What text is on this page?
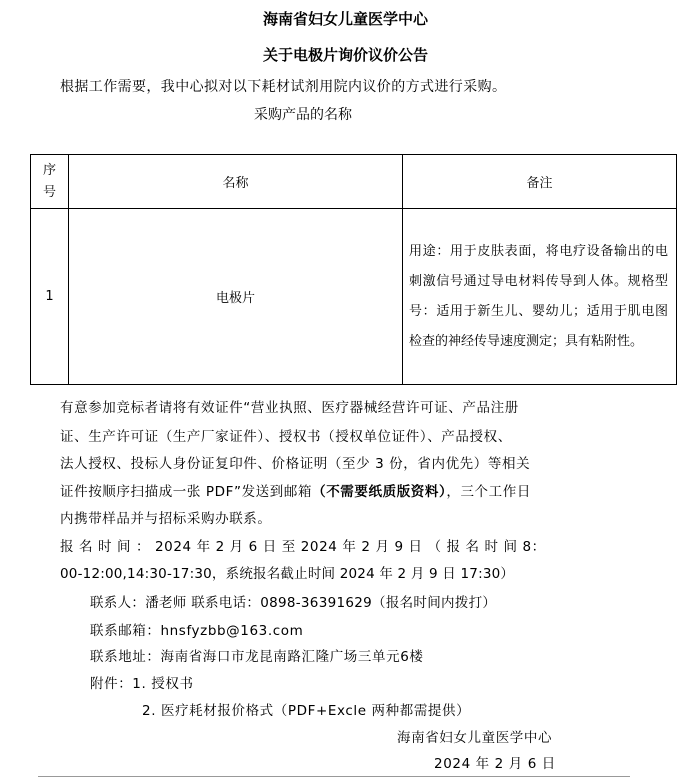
海南省妇女儿童医学中心
关于电极片询价议价公告
根据工作需要，我中心拟对以下耗材试剂用院内议价的方式进行采购。
采购产品的名称
序
号	名称	备注
1	电极片	用途：用于皮肤表面，将电疗设备输出的电刺激信号通过导电材料传导到人体。规格型号：适用于新生儿、婴幼儿；适用于肌电图检查的神经传导速度测定；具有粘附性。
有意参加竞标者请将有效证件“营业执照、医疗器械经营许可证、产品注册
证、生产许可证（生产厂家证件）、授权书（授权单位证件）、产品授权、
法人授权、投标人身份证复印件、价格证明（至少 3 份，省内优先）等相关
证件按顺序扫描成一张 PDF”发送到邮箱（不需要纸质版资料），三个工作日
内携带样品并与招标采购办联系。
报 名 时 间 ： 2024 年 2 月 6 日 至 2024 年 2 月 9 日 （ 报 名 时 间 8：
00-12:00,14:30-17:30，系统报名截止时间 2024 年 2 月 9 日 17:30）
联系人：潘老师 联系电话：0898-36391629（报名时间内拨打）
联系邮箱：hnsfyzbb@163.com
联系地址：海南省海口市龙昆南路汇隆广场三单元6楼
附件：1. 授权书
2. 医疗耗材报价格式（PDF+Excle 两种都需提供）
海南省妇女儿童医学中心
2024 年 2 月 6 日
